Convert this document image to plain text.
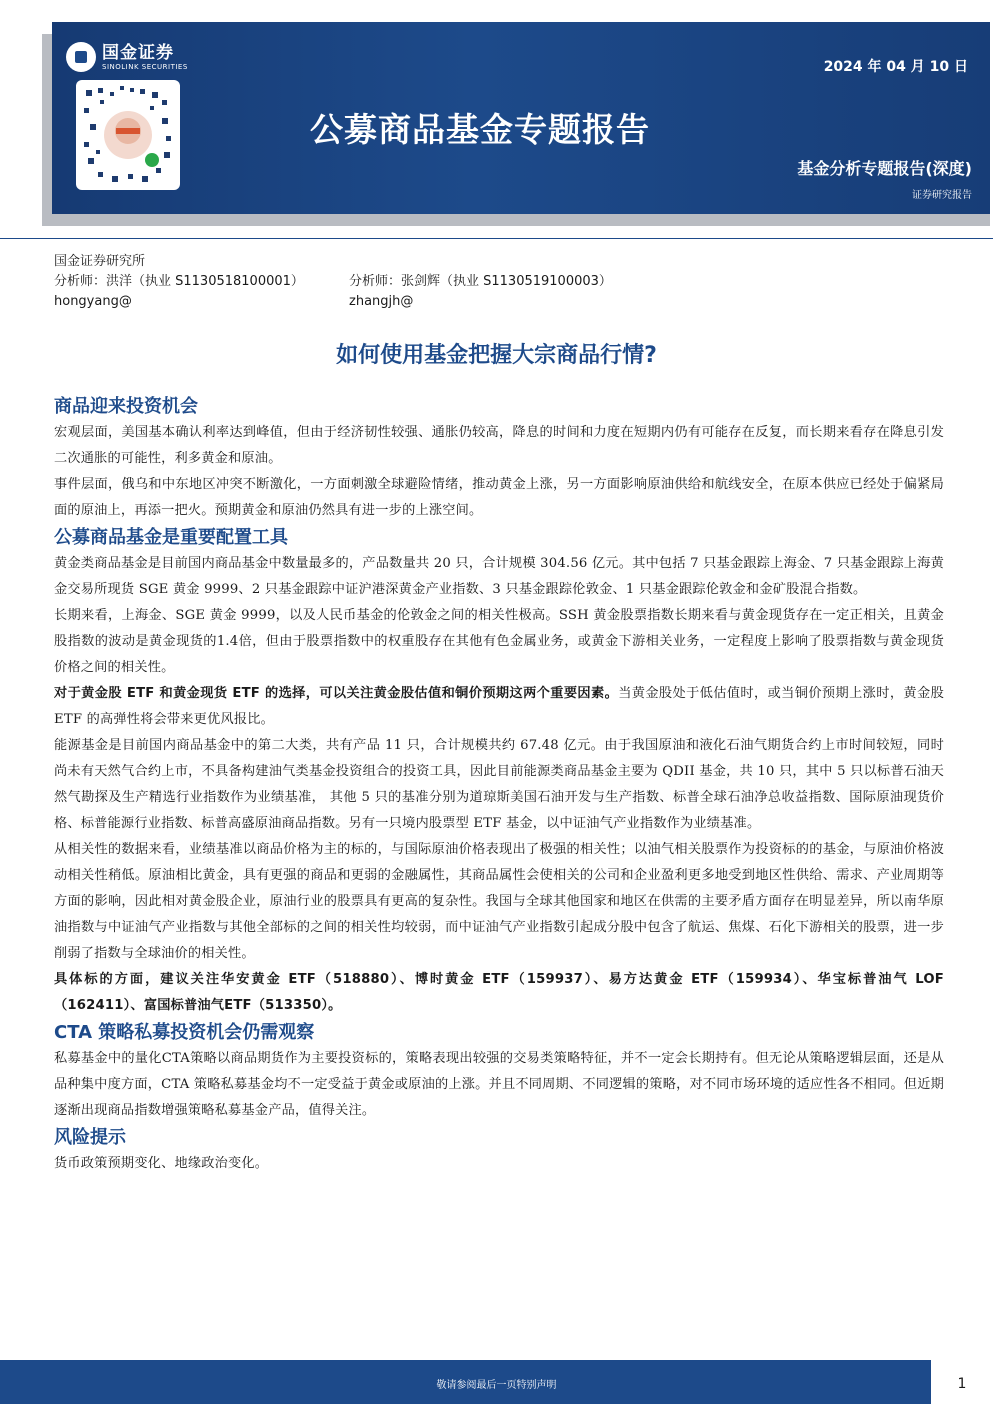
国金证券
SINOLINK SECURITIES	2024 年 04 月 10 日
公募商品基金专题报告
基金分析专题报告(深度)
证券研究报告
国金证券研究所
分析师：洪洋（执业 S1130518100001）	分析师：张剑辉（执业 S1130519100003）
hongyang@	zhangjh@
如何使用基金把握大宗商品行情?
商品迎来投资机会

宏观层面，美国基本确认利率达到峰值，但由于经济韧性较强、通胀仍较高，降息的时间和力度在短期内仍有可能存在反复，而长期来看存在降息引发二次通胀的可能性，利多黄金和原油。

事件层面，俄乌和中东地区冲突不断激化，一方面刺激全球避险情绪，推动黄金上涨，另一方面影响原油供给和航线安全，在原本供应已经处于偏紧局面的原油上，再添一把火。预期黄金和原油仍然具有进一步的上涨空间。

公募商品基金是重要配置工具

黄金类商品基金是目前国内商品基金中数量最多的，产品数量共 20 只，合计规模 304.56 亿元。其中包括 7 只基金跟踪上海金、7 只基金跟踪上海黄金交易所现货 SGE 黄金 9999、2 只基金跟踪中证沪港深黄金产业指数、3 只基金跟踪伦敦金、1 只基金跟踪伦敦金和金矿股混合指数。

长期来看，上海金、SGE 黄金 9999，以及人民币基金的伦敦金之间的相关性极高。SSH 黄金股票指数长期来看与黄金现货存在一定正相关，且黄金股指数的波动是黄金现货的1.4倍，但由于股票指数中的权重股存在其他有色金属业务，或黄金下游相关业务，一定程度上影响了股票指数与黄金现货价格之间的相关性。

对于黄金股 ETF 和黄金现货 ETF 的选择，可以关注黄金股估值和铜价预期这两个重要因素。当黄金股处于低估值时，或当铜价预期上涨时，黄金股 ETF 的高弹性将会带来更优风报比。

能源基金是目前国内商品基金中的第二大类，共有产品 11 只，合计规模共约 67.48 亿元。由于我国原油和液化石油气期货合约上市时间较短，同时尚未有天然气合约上市，不具备构建油气类基金投资组合的投资工具，因此目前能源类商品基金主要为 QDII 基金，共 10 只，其中 5 只以标普石油天然气勘探及生产精选行业指数作为业绩基准， 其他 5 只的基准分别为道琼斯美国石油开发与生产指数、标普全球石油净总收益指数、国际原油现货价格、标普能源行业指数、标普高盛原油商品指数。另有一只境内股票型 ETF 基金，以中证油气产业指数作为业绩基准。

从相关性的数据来看，业绩基准以商品价格为主的标的，与国际原油价格表现出了极强的相关性；以油气相关股票作为投资标的的基金，与原油价格波动相关性稍低。原油相比黄金，具有更强的商品和更弱的金融属性，其商品属性会使相关的公司和企业盈利更多地受到地区性供给、需求、产业周期等方面的影响，因此相对黄金股企业，原油行业的股票具有更高的复杂性。我国与全球其他国家和地区在供需的主要矛盾方面存在明显差异，所以南华原油指数与中证油气产业指数与其他全部标的之间的相关性均较弱，而中证油气产业指数引起成分股中包含了航运、焦煤、石化下游相关的股票，进一步削弱了指数与全球油价的相关性。

具体标的方面，建议关注华安黄金 ETF（518880）、博时黄金 ETF（159937）、易方达黄金 ETF（159934）、华宝标普油气 LOF（162411）、富国标普油气ETF（513350）。

CTA 策略私募投资机会仍需观察

私募基金中的量化CTA策略以商品期货作为主要投资标的，策略表现出较强的交易类策略特征，并不一定会长期持有。但无论从策略逻辑层面，还是从品种集中度方面，CTA 策略私募基金均不一定受益于黄金或原油的上涨。并且不同周期、不同逻辑的策略，对不同市场环境的适应性各不相同。但近期逐渐出现商品指数增强策略私募基金产品，值得关注。

风险提示

货币政策预期变化、地缘政治变化。

敬请参阅最后一页特别声明	1
